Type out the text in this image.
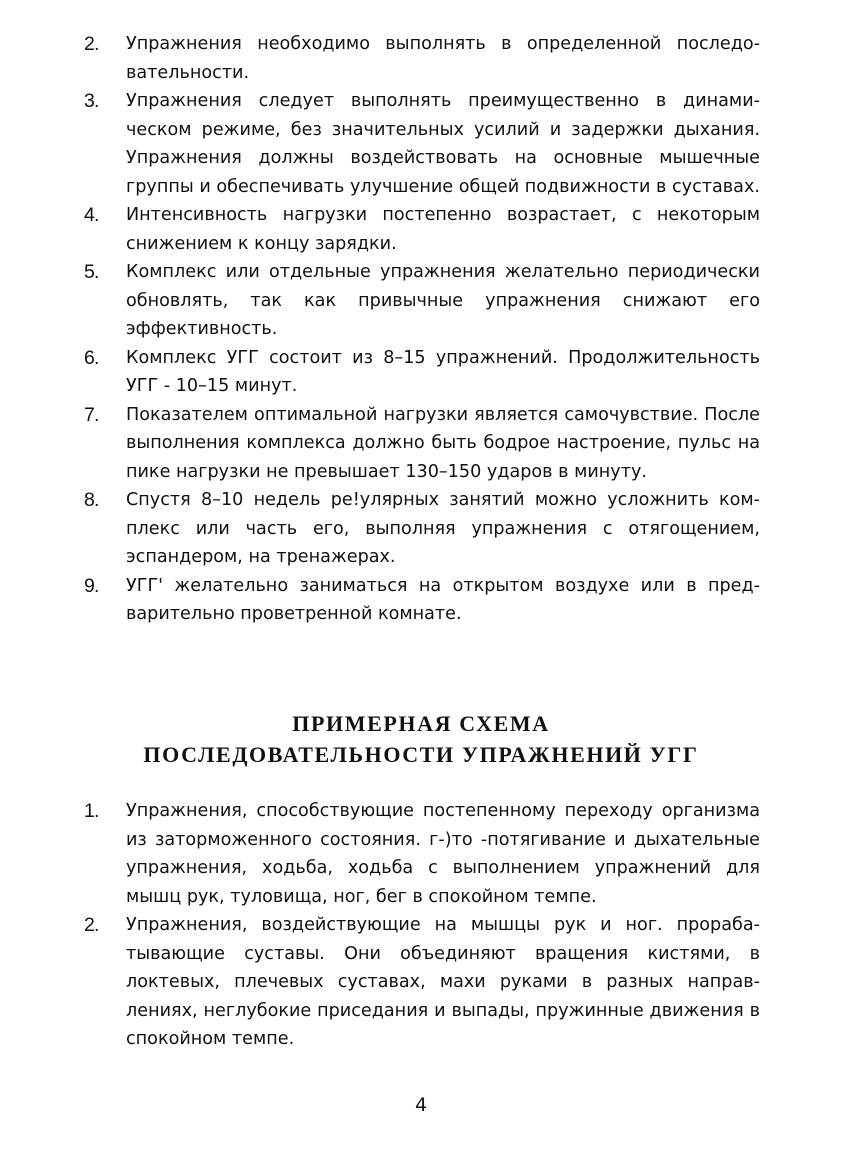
2. Упражнения необходимо выполнять в определенной последовательности.
3. Упражнения следует выполнять преимущественно в динамическом режиме, без значительных усилий и задержки дыхания. Упражнения должны воздействовать на основные мышечные группы и обеспечивать улучшение общей подвижности в суставах.
4. Интенсивность нагрузки постепенно возрастает, с некоторым снижением к концу зарядки.
5. Комплекс или отдельные упражнения желательно периодически обновлять, так как привычные упражнения снижают его эффективность.
6. Комплекс УГГ состоит из 8–15 упражнений. Продолжительность УГГ - 10–15 минут.
7. Показателем оптимальной нагрузки является самочувствие. После выполнения комплекса должно быть бодрое настроение, пульс на пике нагрузки не превышает 130–150 ударов в минуту.
8. Спустя 8–10 недель ре!улярных занятий можно усложнить комплекс или часть его, выполняя упражнения с отягощением, эспандером, на тренажерах.
9. УГГ' желательно заниматься на открытом воздухе или в предварительно проветренной комнате.
ПРИМЕРНАЯ СХЕМА
ПОСЛЕДОВАТЕЛЬНОСТИ УПРАЖНЕНИЙ УГГ
1. Упражнения, способствующие постепенному переходу организма из заторможенного состояния. г-)то -потягивание и дыхательные упражнения, ходьба, ходьба с выполнением упражнений для мышц рук, туловища, ног, бег в спокойном темпе.
2. Упражнения, воздействующие на мышцы рук и ног. прорабатывающие суставы. Они объединяют вращения кистями, в локтевых, плечевых суставах, махи руками в разных направлениях, неглубокие приседания и выпады, пружинные движения в спокойном темпе.
4
